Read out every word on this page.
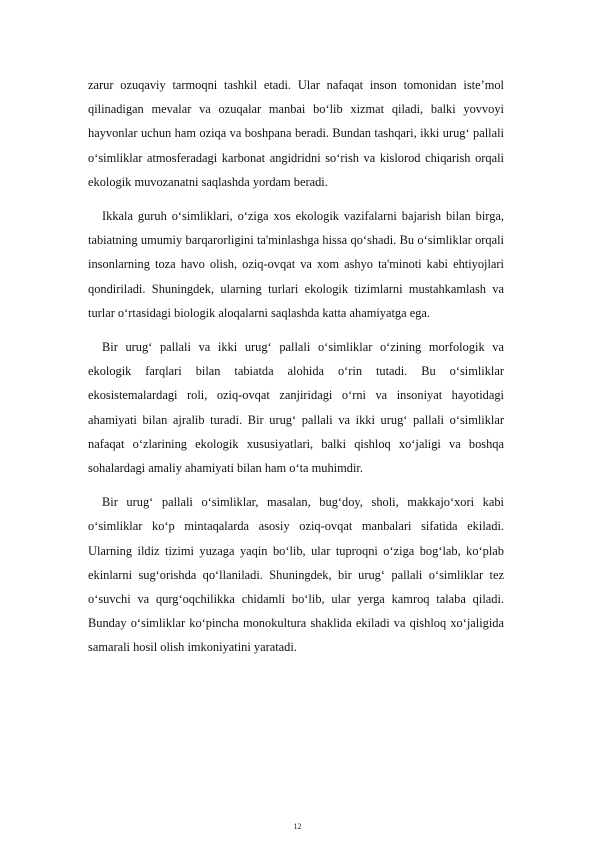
zarur ozuqaviy tarmoqni tashkil etadi. Ular nafaqat inson tomonidan iste’mol qilinadigan mevalar va ozuqalar manbai bo‘lib xizmat qiladi, balki yovvoyi hayvonlar uchun ham oziqa va boshpana beradi. Bundan tashqari, ikki urug‘ pallali o‘simliklar atmosferadagi karbonat angidridni so‘rish va kislorod chiqarish orqali ekologik muvozanatni saqlashda yordam beradi.

Ikkala guruh o‘simliklari, o‘ziga xos ekologik vazifalarni bajarish bilan birga, tabiatning umumiy barqarorligini ta'minlashga hissa qo‘shadi. Bu o‘simliklar orqali insonlarning toza havo olish, oziq-ovqat va xom ashyo ta'minoti kabi ehtiyojlari qondiriladi. Shuningdek, ularning turlari ekologik tizimlarni mustahkamlash va turlar o‘rtasidagi biologik aloqalarni saqlashda katta ahamiyatga ega.

Bir urug‘ pallali va ikki urug‘ pallali o‘simliklar o‘zining morfologik va ekologik farqlari bilan tabiatda alohida o‘rin tutadi. Bu o‘simliklar ekosistemalardagi roli, oziq-ovqat zanjiridagi o‘rni va insoniyat hayotidagi ahamiyati bilan ajralib turadi. Bir urug‘ pallali va ikki urug‘ pallali o‘simliklar nafaqat o‘zlarining ekologik xususiyatlari, balki qishloq xo‘jaligi va boshqa sohalardagi amaliy ahamiyati bilan ham o‘ta muhimdir.

Bir urug‘ pallali o‘simliklar, masalan, bug‘doy, sholi, makkajo‘xori kabi o‘simliklar ko‘p mintaqalarda asosiy oziq-ovqat manbalari sifatida ekiladi. Ularning ildiz tizimi yuzaga yaqin bo‘lib, ular tuproqni o‘ziga bog‘lab, ko‘plab ekinlarni sug‘orishda qo‘llaniladi. Shuningdek, bir urug‘ pallali o‘simliklar tez o‘suvchi va qurg‘oqchilikka chidamli bo‘lib, ular yerga kamroq talaba qiladi. Bunday o‘simliklar ko‘pincha monokultura shaklida ekiladi va qishloq xo‘jaligida samarali hosil olish imkoniyatini yaratadi.

12
